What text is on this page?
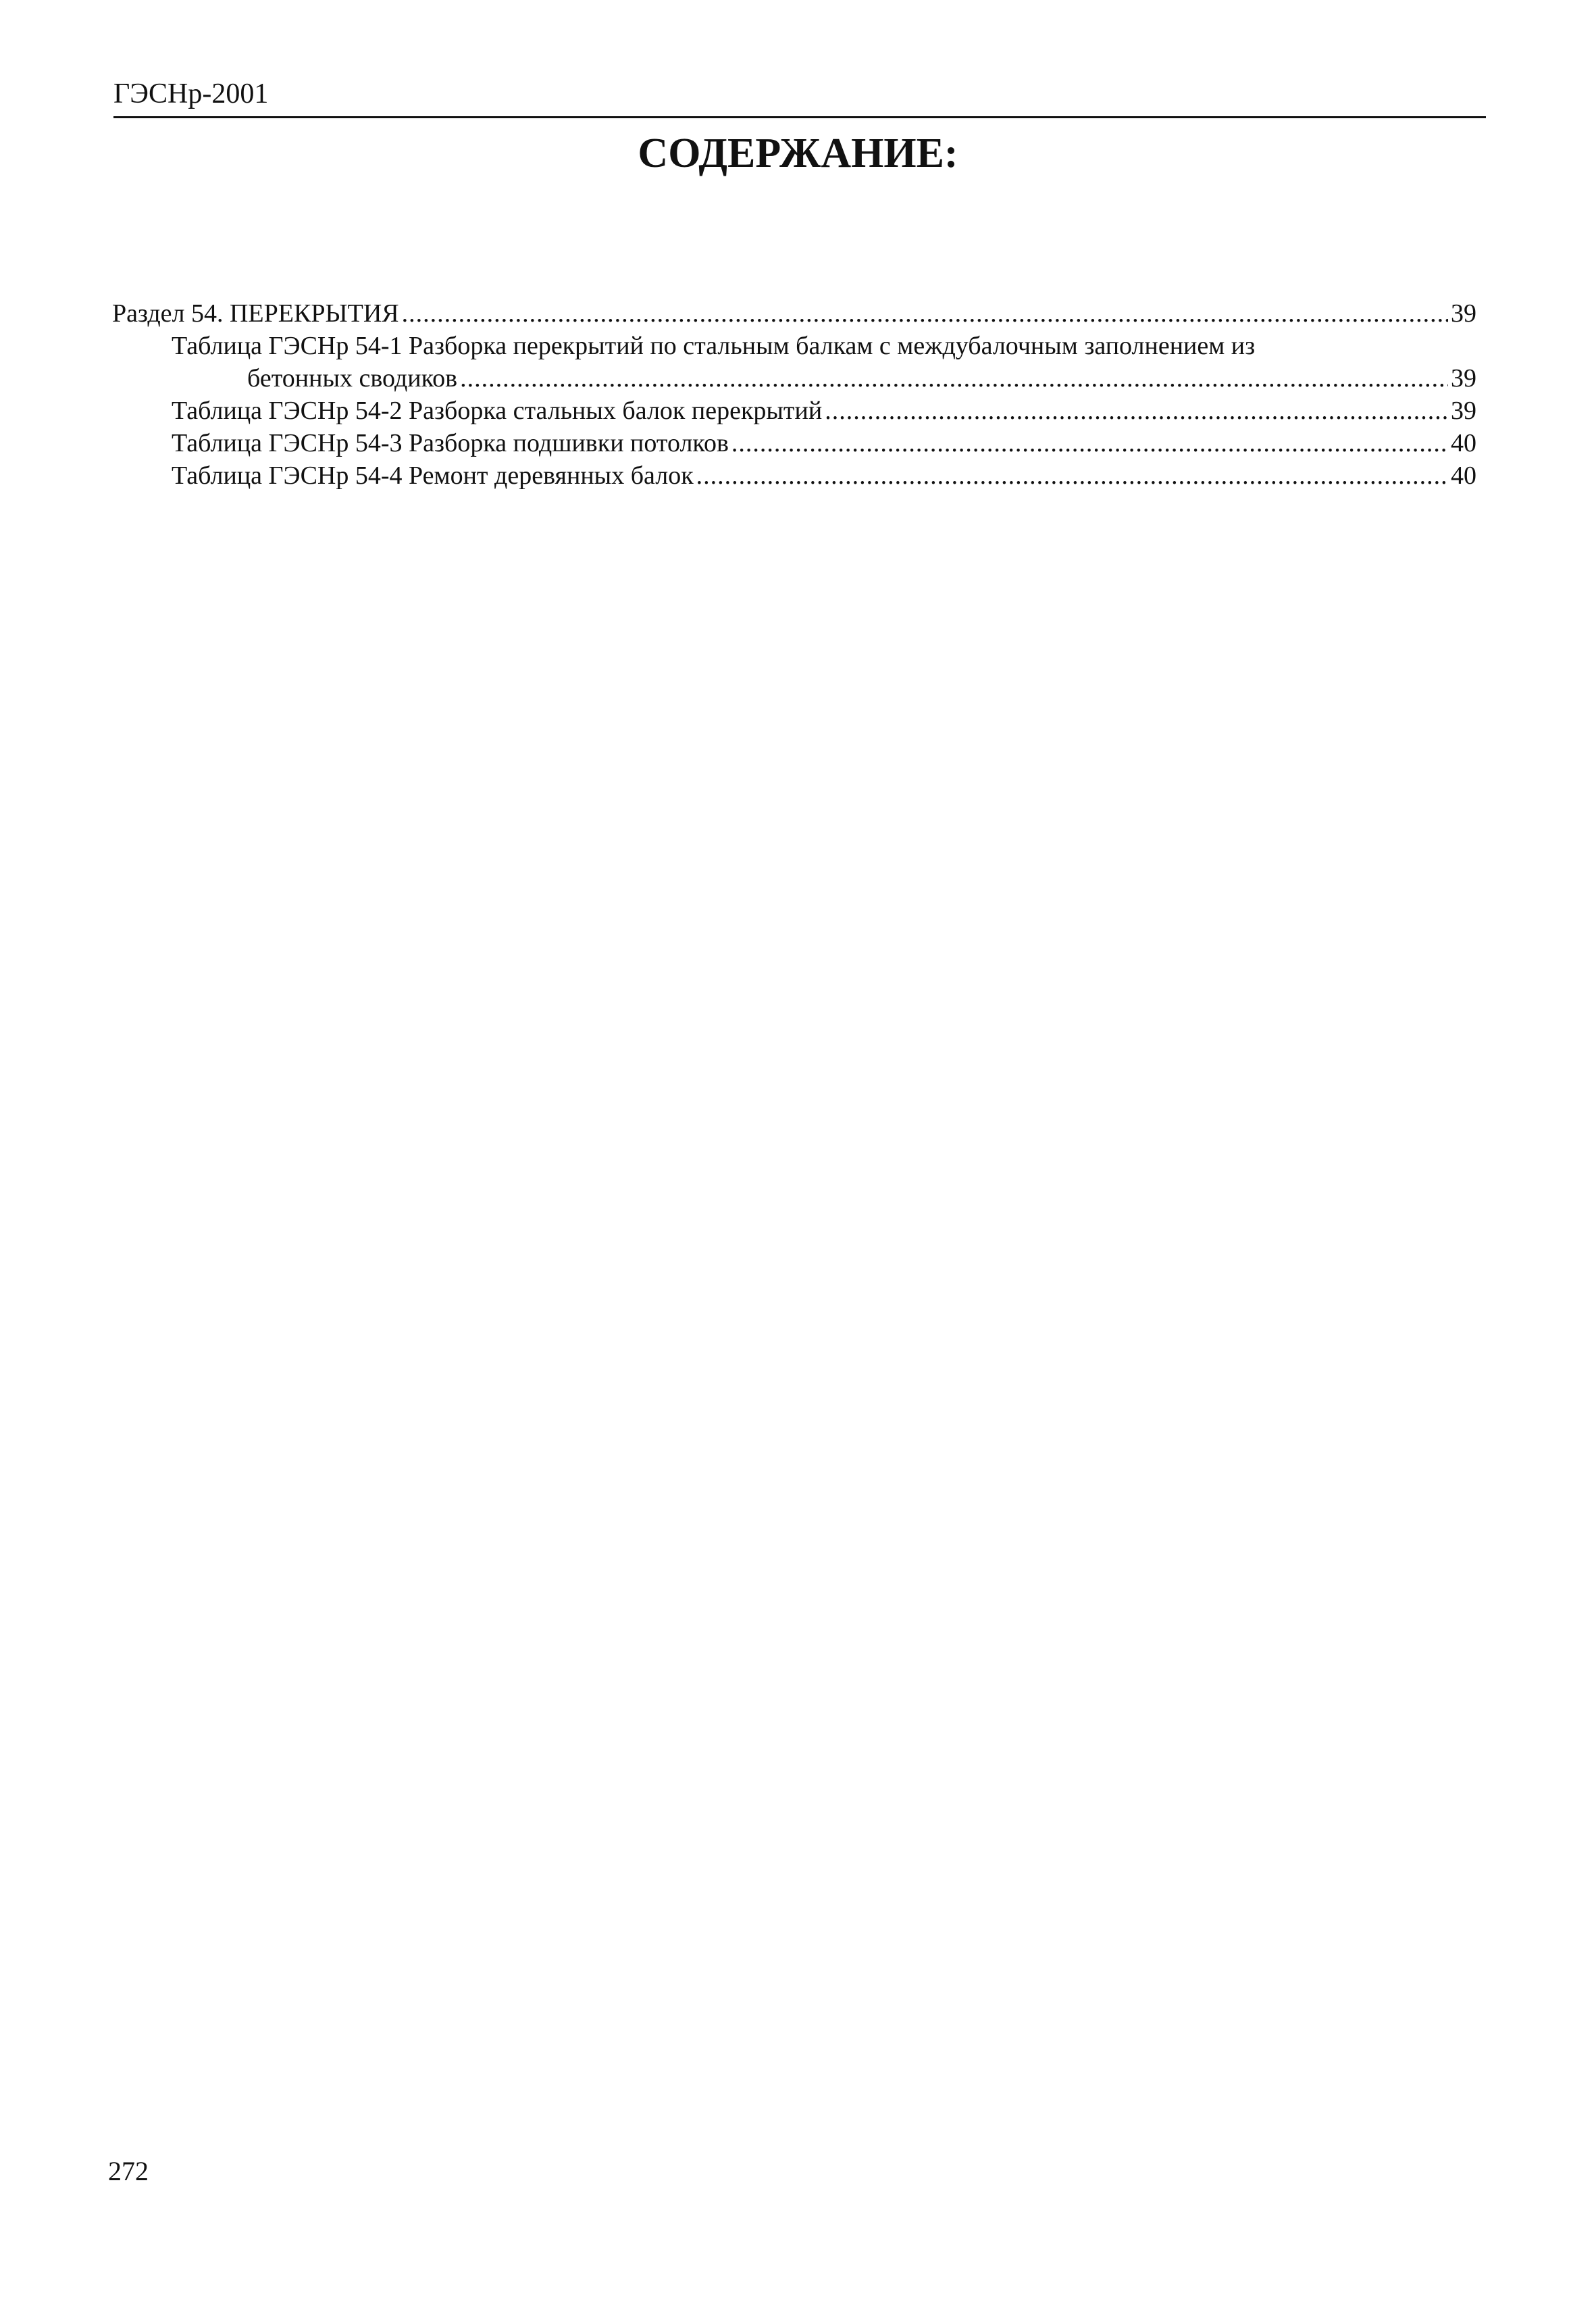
ГЭСНр-2001
СОДЕРЖАНИЕ:
Раздел 54. ПЕРЕКРЫТИЯ .....	39
Таблица ГЭСНр 54-1 Разборка перекрытий по стальным балкам с междубалочным заполнением из
бетонных сводиков .....	39
Таблица ГЭСНр 54-2 Разборка стальных балок перекрытий .....	39
Таблица ГЭСНр 54-3 Разборка подшивки потолков .....	40
Таблица ГЭСНр 54-4 Ремонт деревянных балок .....	40
272
